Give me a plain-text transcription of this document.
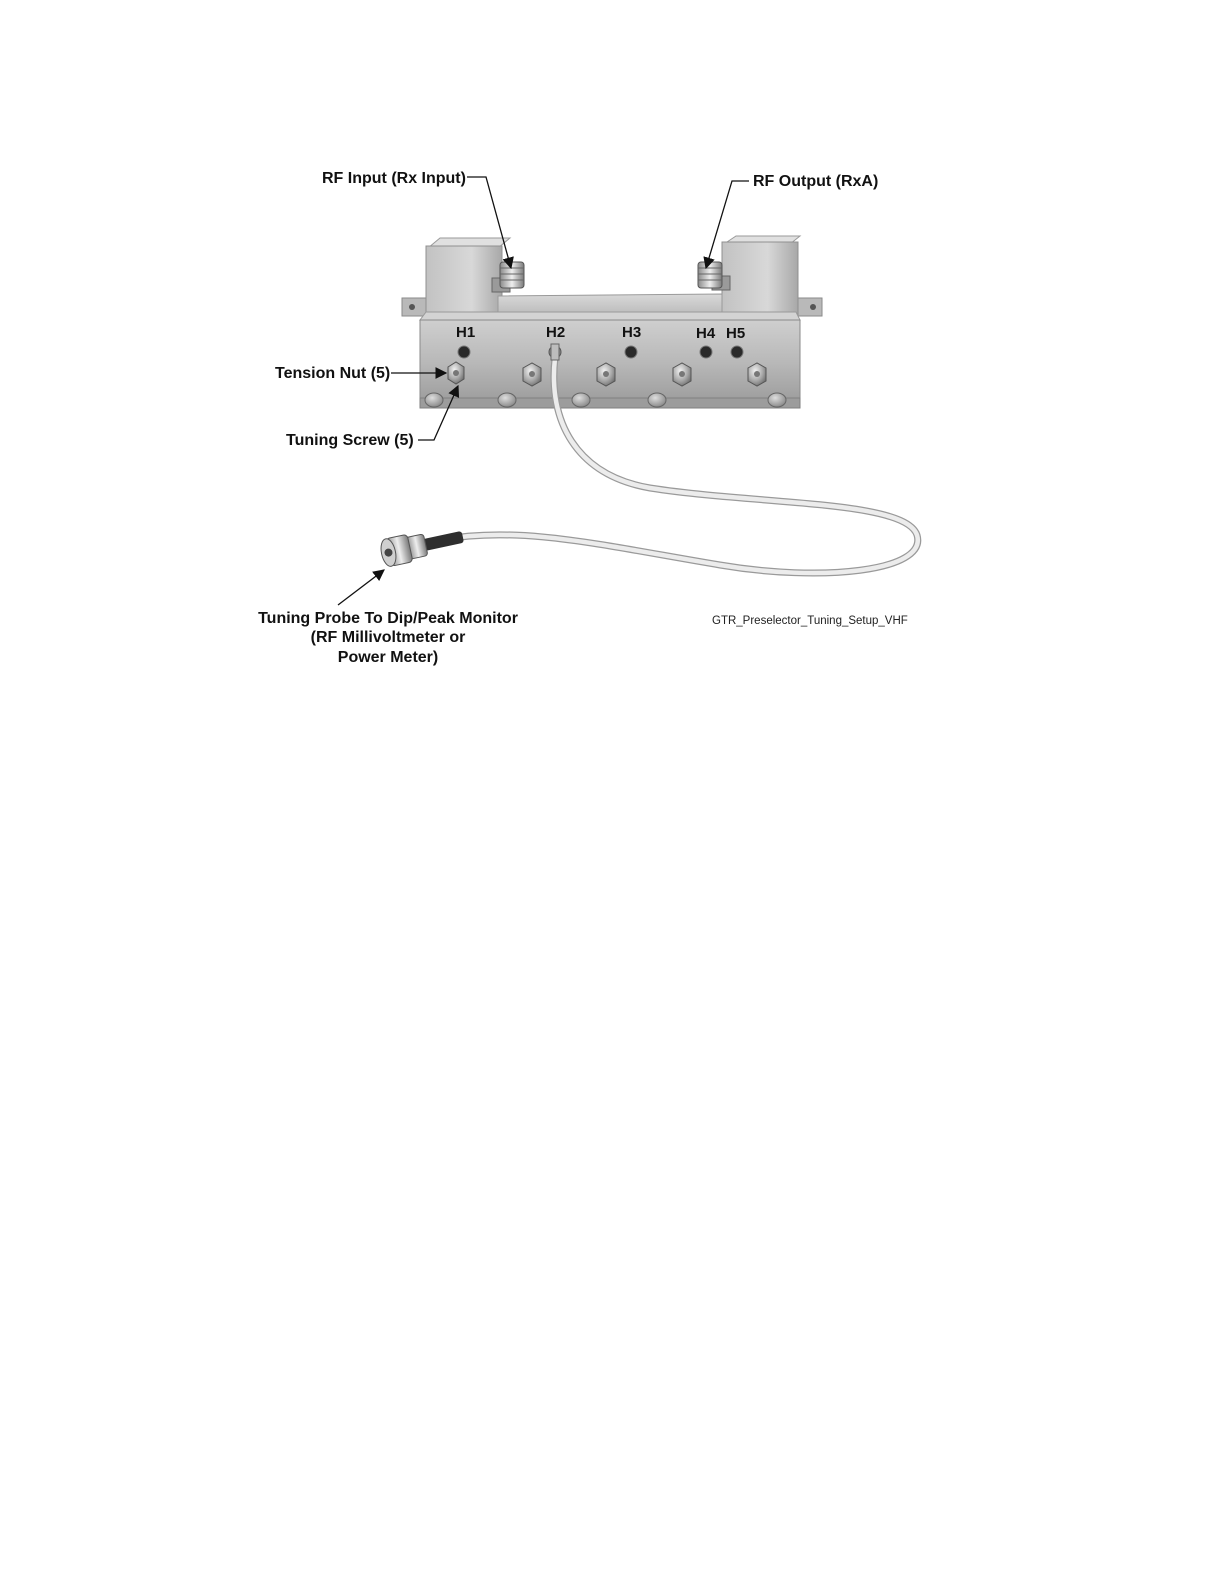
RF Input (Rx Input)	RF Output (RxA)
H1	H2	H3	H4 H5
Tension Nut (5)
Tuning Screw (5)
Tuning Probe To Dip/Peak Monitor
(RF Millivoltmeter or
Power Meter)
GTR_Preselector_Tuning_Setup_VHF
